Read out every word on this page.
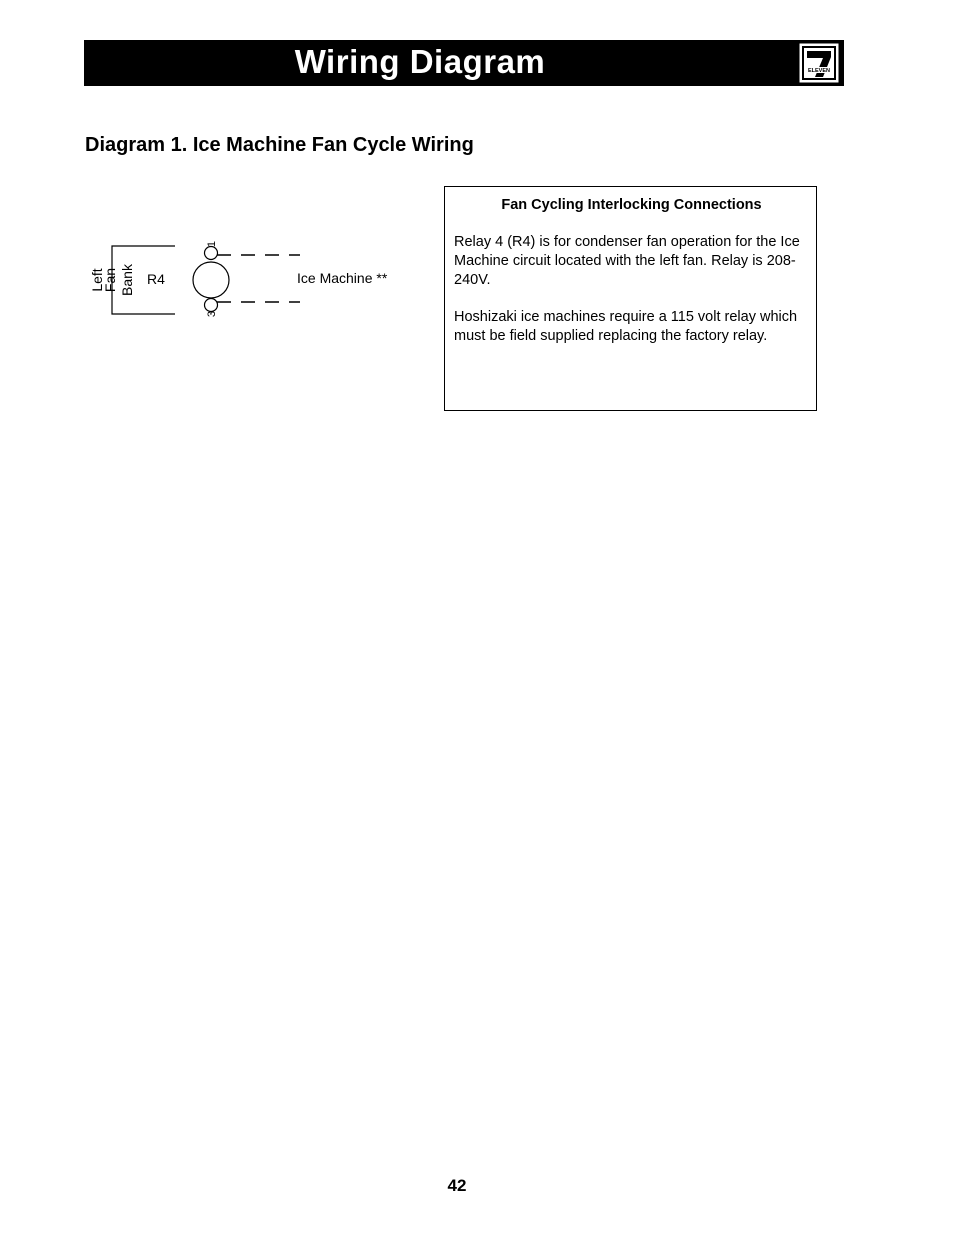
Wiring Diagram	ELEVEN
Diagram 1. Ice Machine Fan Cycle Wiring
Left
Fan Bank R4
1
3
Ice Machine **
Fan Cycling Interlocking Connections

Relay 4 (R4) is for condenser fan operation for the Ice Machine circuit located with the left fan. Relay is 208-240V.

Hoshizaki ice machines require a 115 volt relay which must be field supplied replacing the factory relay.

42
